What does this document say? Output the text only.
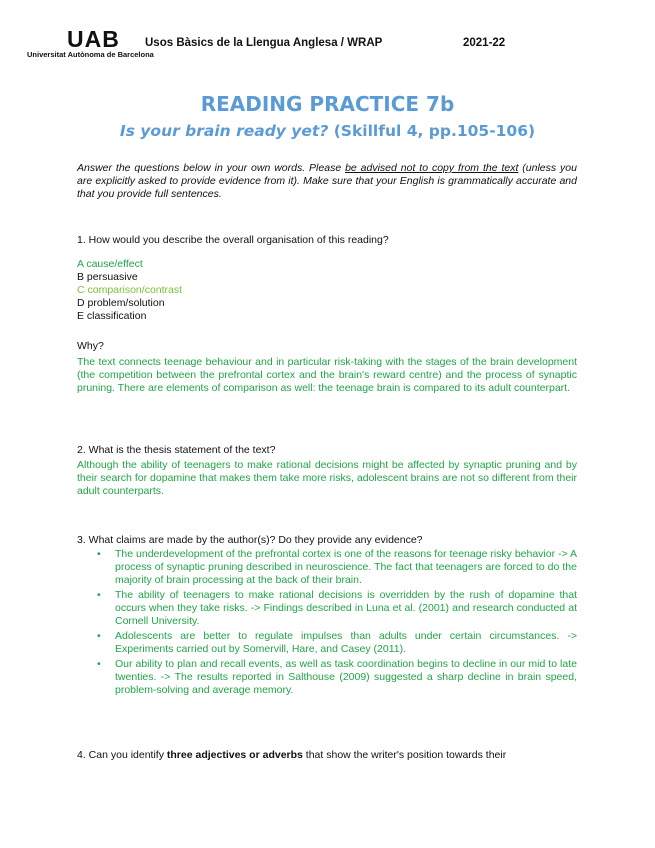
UAB
Universitat Autònoma de Barcelona
Usos Bàsics de la Llengua Anglesa / WRAP	2021-22
READING PRACTICE 7b
Is your brain ready yet? (Skillful 4, pp.105-106)
Answer the questions below in your own words. Please be advised not to copy from the text (unless you are explicitly asked to provide evidence from it). Make sure that your English is grammatically accurate and that you provide full sentences.
1. How would you describe the overall organisation of this reading?
A cause/effect
B persuasive
C comparison/contrast
D problem/solution
E classification
Why?
The text connects teenage behaviour and in particular risk-taking with the stages of the brain development (the competition between the prefrontal cortex and the brain's reward centre) and the process of synaptic pruning. There are elements of comparison as well: the teenage brain is compared to its adult counterpart.
2. What is the thesis statement of the text?
Although the ability of teenagers to make rational decisions might be affected by synaptic pruning and by their search for dopamine that makes them take more risks, adolescent brains are not so different from their adult counterparts.
3. What claims are made by the author(s)? Do they provide any evidence?
• The underdevelopment of the prefrontal cortex is one of the reasons for teenage risky behavior -> A process of synaptic pruning described in neuroscience. The fact that teenagers are forced to do the majority of brain processing at the back of their brain.
• The ability of teenagers to make rational decisions is overridden by the rush of dopamine that occurs when they take risks. -> Findings described in Luna et al. (2001) and research conducted at Cornell University.
• Adolescents are better to regulate impulses than adults under certain circumstances. -> Experiments carried out by Somervill, Hare, and Casey (2011).
• Our ability to plan and recall events, as well as task coordination begins to decline in our mid to late twenties. -> The results reported in Salthouse (2009) suggested a sharp decline in brain speed, problem-solving and average memory.
4. Can you identify three adjectives or adverbs that show the writer's position towards their
